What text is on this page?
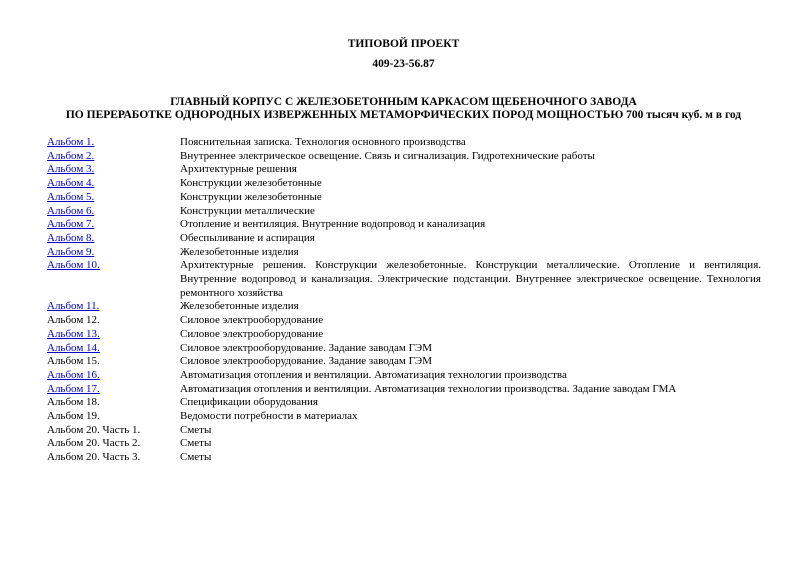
ТИПОВОЙ ПРОЕКТ
409-23-56.87
ГЛАВНЫЙ КОРПУС С ЖЕЛЕЗОБЕТОННЫМ КАРКАСОМ ЩЕБЕНОЧНОГО ЗАВОДА
ПО ПЕРЕРАБОТКЕ ОДНОРОДНЫХ ИЗВЕРЖЕННЫХ МЕТАМОРФИЧЕСКИХ ПОРОД МОЩНОСТЬЮ 700 тысяч куб. м в год
Альбом 1.	Пояснительная записка. Технология основного производства
Альбом 2.	Внутреннее электрическое освещение. Связь и сигнализация. Гидротехнические работы
Альбом 3.	Архитектурные решения
Альбом 4.	Конструкции железобетонные
Альбом 5.	Конструкции железобетонные
Альбом 6.	Конструкции металлические
Альбом 7.	Отопление и вентиляция. Внутренние водопровод и канализация
Альбом 8.	Обеспыливание и аспирация
Альбом 9.	Железобетонные изделия
Альбом 10.	Архитектурные решения. Конструкции железобетонные. Конструкции металлические. Отопление и вентиляция. Внутренние водопровод и канализация. Электрические подстанции. Внутреннее электрическое освещение. Технология ремонтного хозяйства
Альбом 11.	Железобетонные изделия
Альбом 12.	Силовое электрооборудование
Альбом 13.	Силовое электрооборудование
Альбом 14.	Силовое электрооборудование. Задание заводам ГЭМ
Альбом 15.	Силовое электрооборудование. Задание заводам ГЭМ
Альбом 16.	Автоматизация отопления и вентиляции. Автоматизация технологии производства
Альбом 17.	Автоматизация отопления и вентиляции. Автоматизация технологии производства. Задание заводам ГМА
Альбом 18.	Спецификации оборудования
Альбом 19.	Ведомости потребности в материалах
Альбом 20. Часть 1.	Сметы
Альбом 20. Часть 2.	Сметы
Альбом 20. Часть 3.	Сметы
